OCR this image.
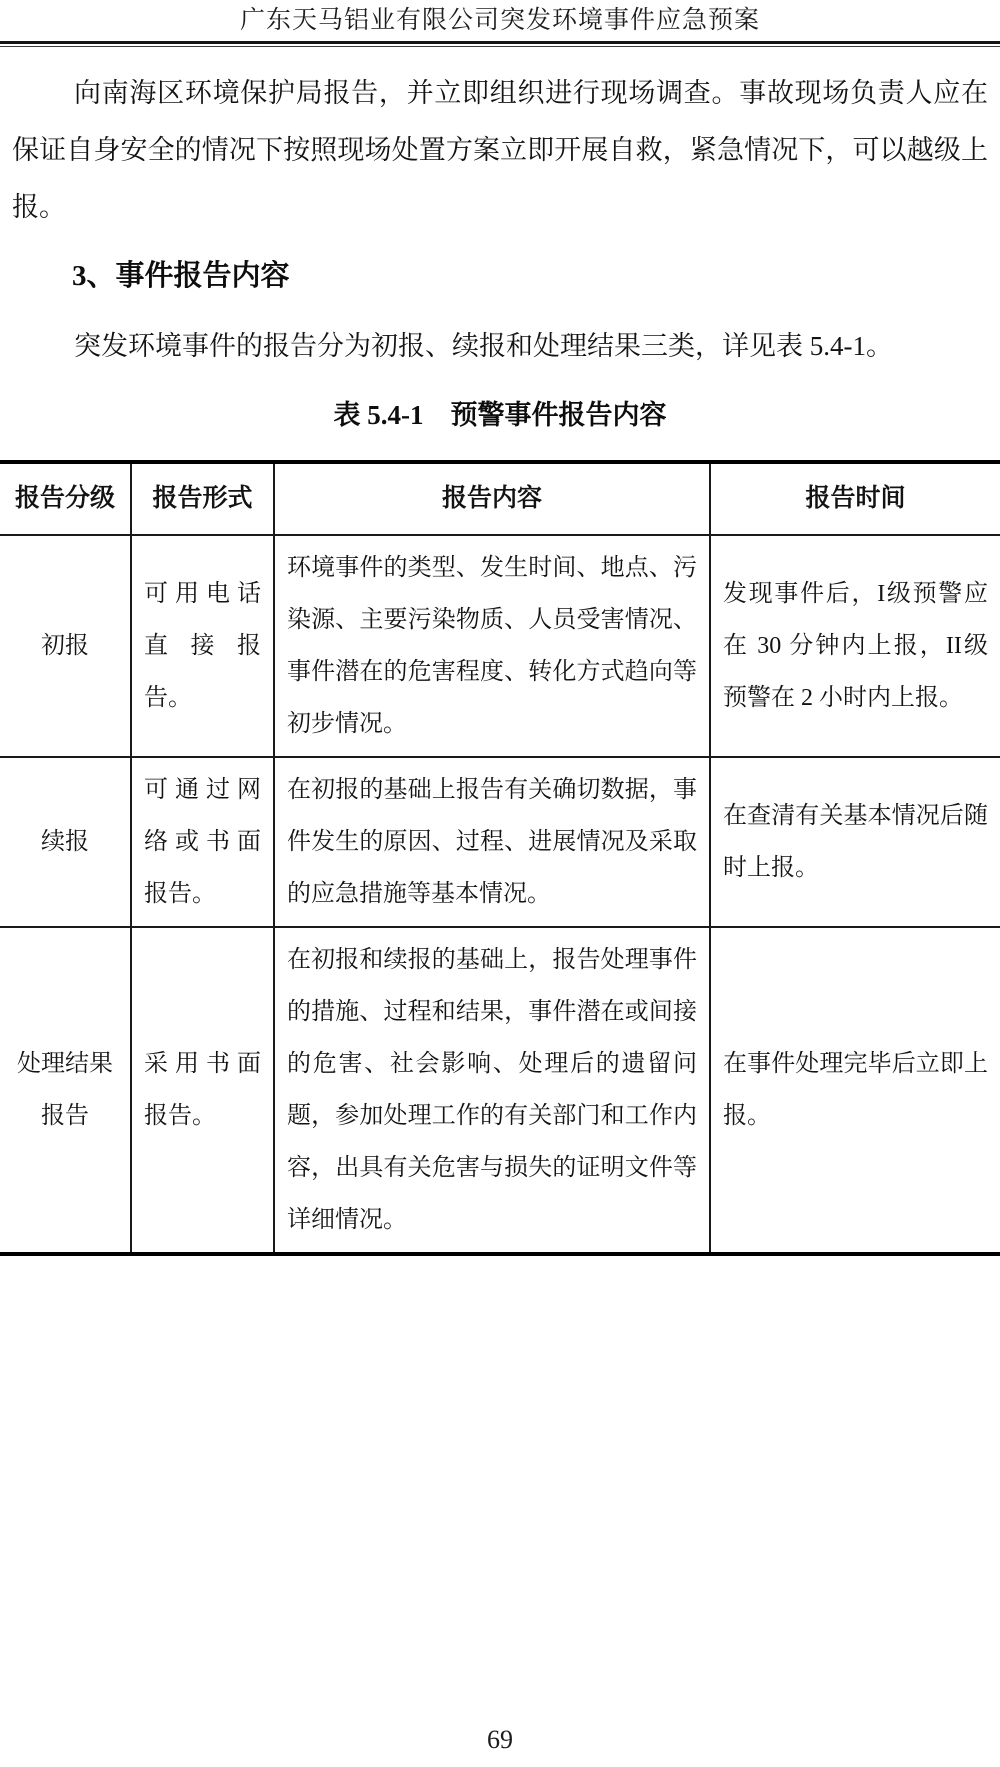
广东天马铝业有限公司突发环境事件应急预案

向南海区环境保护局报告，并立即组织进行现场调查。事故现场负责人应在保证自身安全的情况下按照现场处置方案立即开展自救，紧急情况下，可以越级上报。

3、事件报告内容

突发环境事件的报告分为初报、续报和处理结果三类，详见表 5.4-1。

表 5.4-1　预警事件报告内容
报告分级	报告形式	报告内容	报告时间
初报	可用电话直接报告。	环境事件的类型、发生时间、地点、污染源、主要污染物质、人员受害情况、事件潜在的危害程度、转化方式趋向等初步情况。	发现事件后，I级预警应在 30 分钟内上报，II级预警在 2 小时内上报。
续报	可通过网络或书面报告。	在初报的基础上报告有关确切数据，事件发生的原因、过程、进展情况及采取的应急措施等基本情况。	在查清有关基本情况后随时上报。
处理结果报告	采用书面报告。	在初报和续报的基础上，报告处理事件的措施、过程和结果，事件潜在或间接的危害、社会影响、处理后的遗留问题，参加处理工作的有关部门和工作内容，出具有关危害与损失的证明文件等详细情况。	在事件处理完毕后立即上报。
69
